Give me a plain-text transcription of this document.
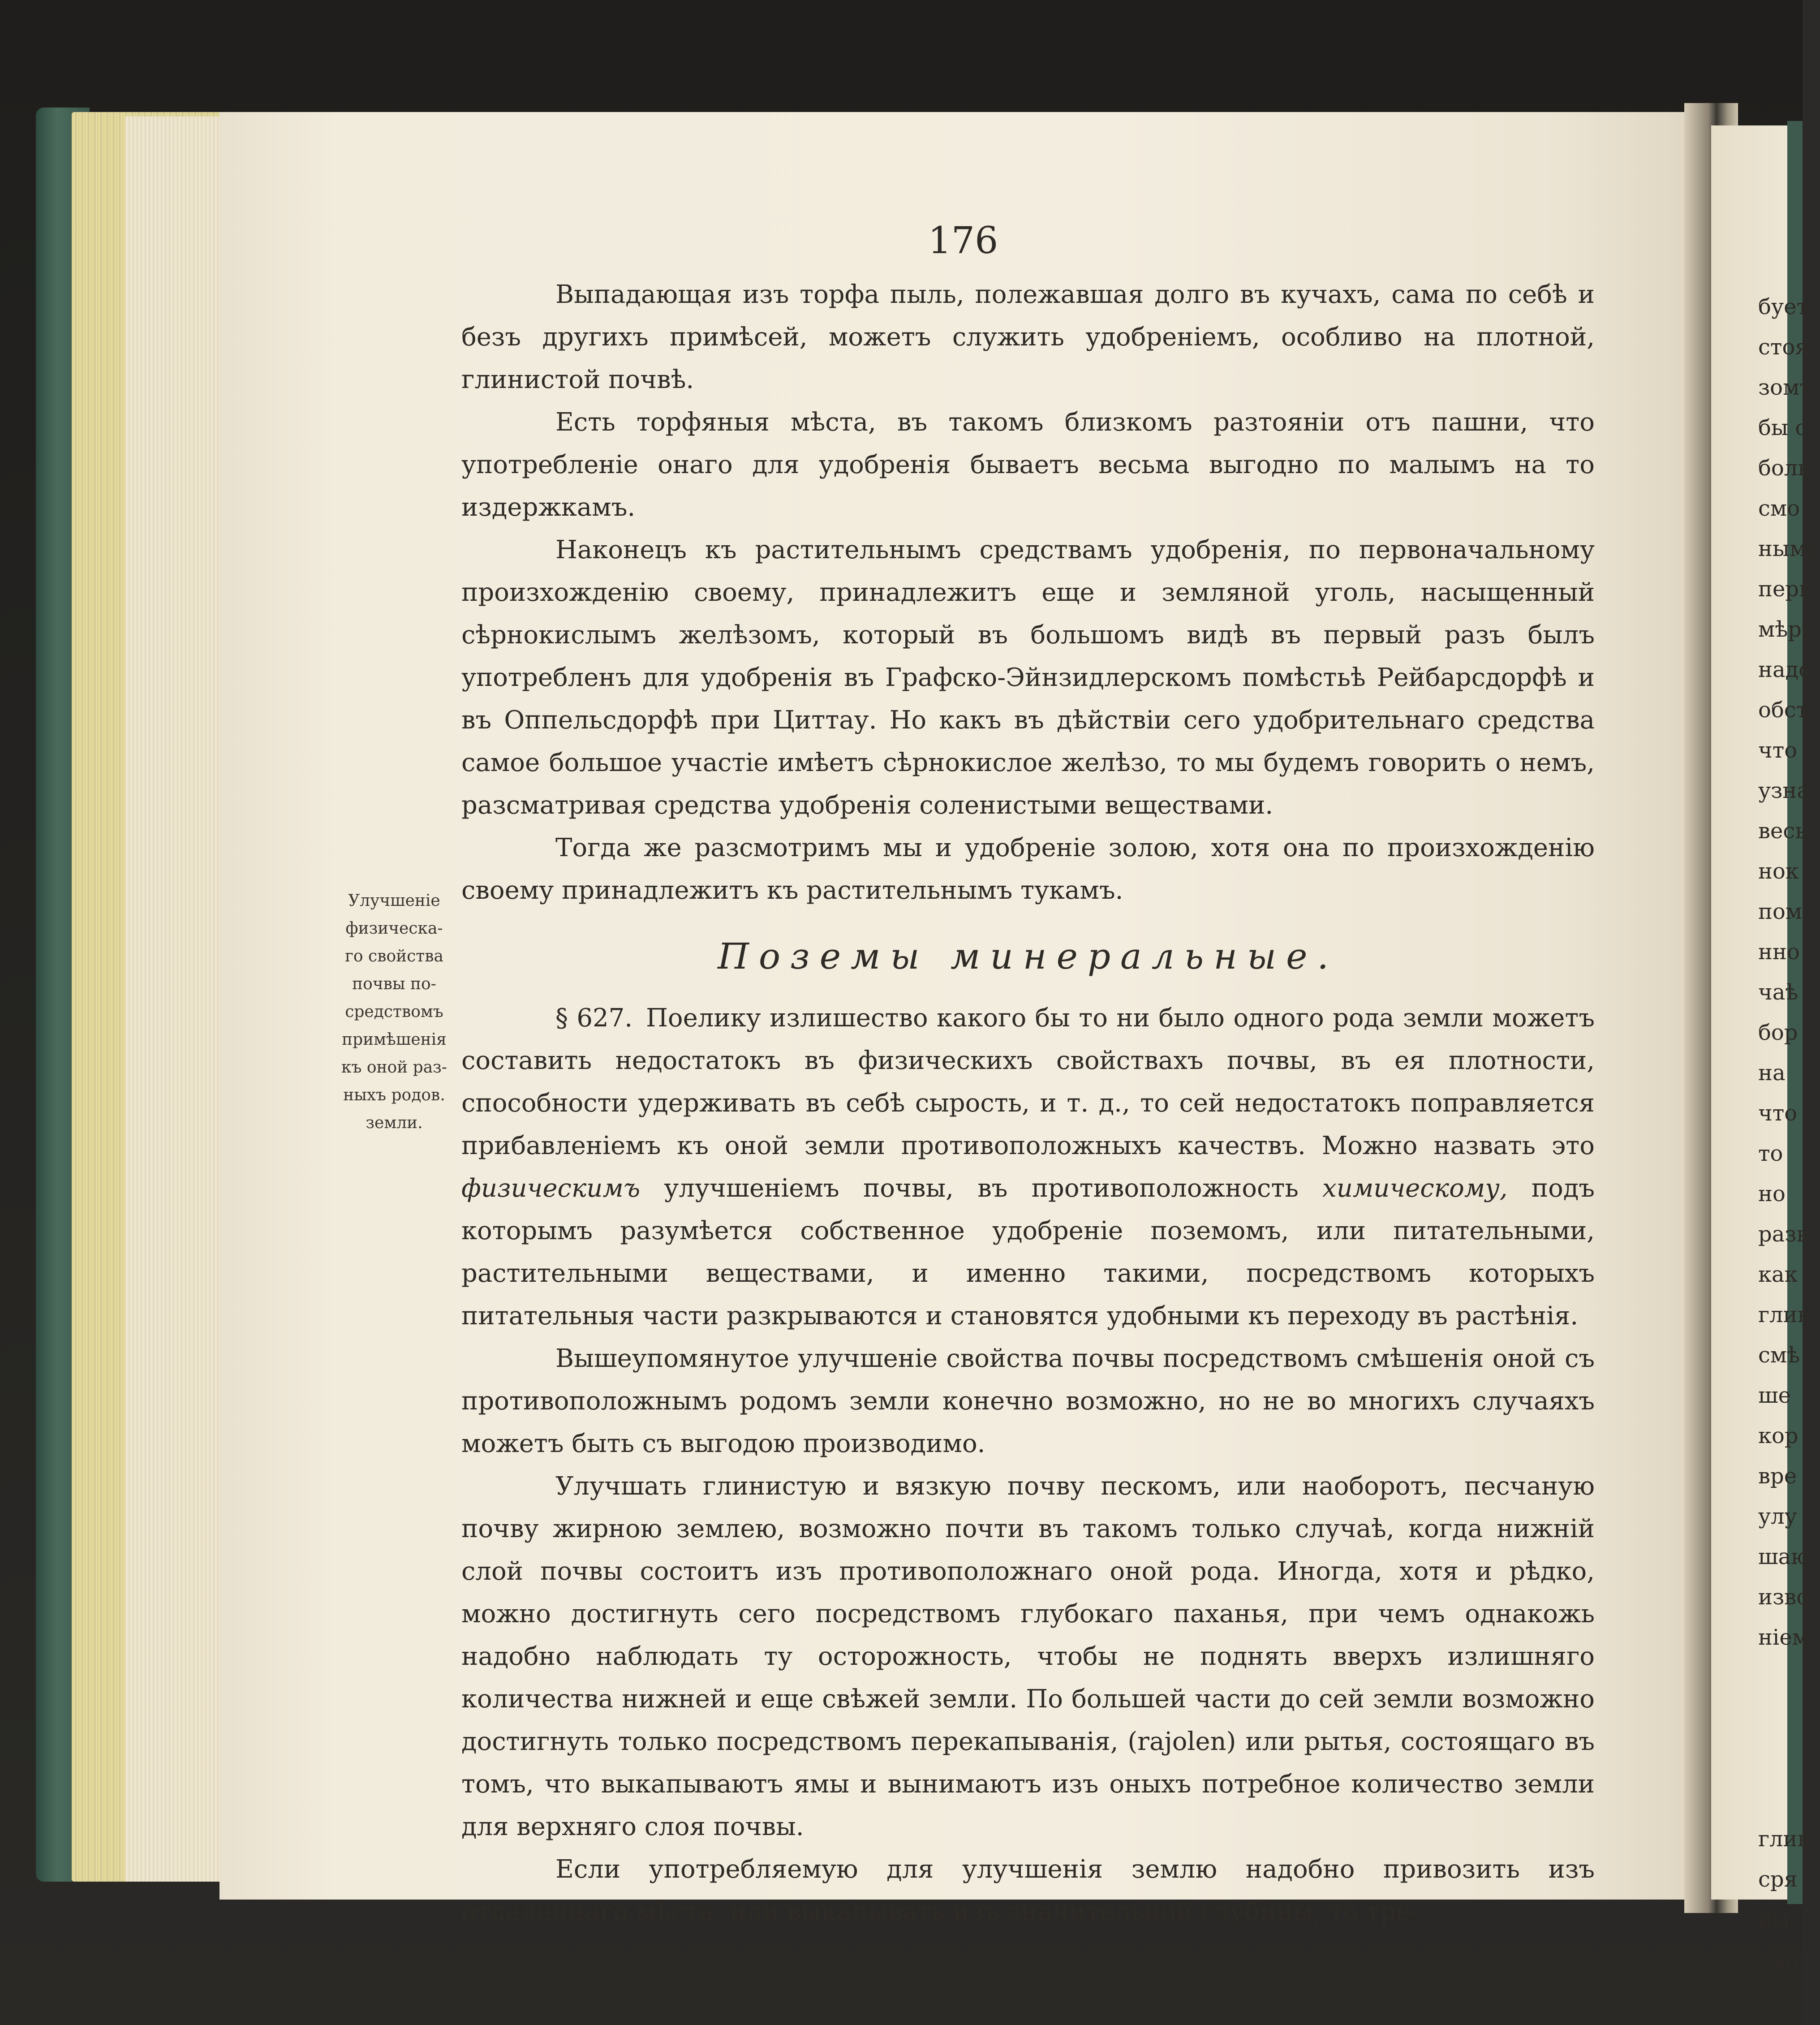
176

Выпадающая изъ торфа пыль, полежавшая долго въ кучахъ, сама по себѣ и безъ другихъ примѣсей, можетъ служить удобреніемъ, особливо на плотной, глинистой почвѣ.

Есть торфяныя мѣста, въ такомъ близкомъ разтояніи отъ пашни, что употребленіе онаго для удобренія бываетъ весьма выгодно по малымъ на то издержкамъ.

Наконецъ къ растительнымъ средствамъ удобренія, по первоначальному произхожденію своему, принадлежитъ еще и земляной уголь, насыщенный сѣрнокислымъ желѣзомъ, который въ большомъ видѣ въ первый разъ былъ употребленъ для удобренія въ Графско-Эйнзидлерскомъ помѣстьѣ Рейбарсдорфѣ и въ Оппельсдорфѣ при Циттау. Но какъ въ дѣйствіи сего удобрительнаго средства самое большое участіе имѣетъ сѣрнокислое желѣзо, то мы будемъ говорить о немъ, разсматривая средства удобренія соленистыми веществами.

Тогда же разсмотримъ мы и удобреніе золою, хотя она по произхожденію своему принадлежитъ къ растительнымъ тукамъ.

Поземы минеральные.

§ 627. Поелику излишество какого бы то ни было одного рода земли можетъ составить недостатокъ въ физическихъ свойствахъ почвы, въ ея плотности, способности удерживать въ себѣ сырость, и т. д., то сей недостатокъ поправляется прибавленіемъ къ оной земли противоположныхъ качествъ. Можно назвать это физическимъ улучшеніемъ почвы, въ противоположность химическому, подъ которымъ разумѣется собственное удобреніе поземомъ, или питательными, растительными веществами, и именно такими, посредствомъ которыхъ питательныя части разкрываются и становятся удобными къ переходу въ растѣнія.

Вышеупомянутое улучшеніе свойства почвы посредствомъ смѣшенія оной съ противоположнымъ родомъ земли конечно возможно, но не во многихъ случаяхъ можетъ быть съ выгодою производимо.

Улучшать глинистую и вязкую почву пескомъ, или наоборотъ, песчаную почву жирною землею, возможно почти въ такомъ только случаѣ, когда нижній слой почвы состоитъ изъ противоположнаго оной рода. Иногда, хотя и рѣдко, можно достигнуть сего посредствомъ глубокаго паханья, при чемъ однакожь надобно наблюдать ту осторожность, чтобы не поднять вверхъ излишняго количества нижней и еще свѣжей земли. По большей части до сей земли возможно достигнуть только посредствомъ перекапыванія, (rajolen) или рытья, состоящаго въ томъ, что выкапываютъ ямы и вынимаютъ изъ оныхъ потребное количество земли для верхняго слоя почвы.

Если употребляемую для улучшенія землю надобно привозить изъ отдаленнаго мѣста, или выкапывать изъ значительной глубины, то тре-

Улучшеніе
физическа-
го свойства
почвы по-
средствомъ
примѣшенія
къ оной раз-
ныхъ родов.
земли.
бует
стоя
зомъ
бы с
боль
смо
нымъ
перв
мѣрѣ
надо
обст
что
узна
весь
нок
пом
нно
чаѣ
бор
на
что
то
но
разк
как
глин
смѣ
ше
кор
вре
улу
шаю
изво
ніем
глин
сря
ны
Тан
